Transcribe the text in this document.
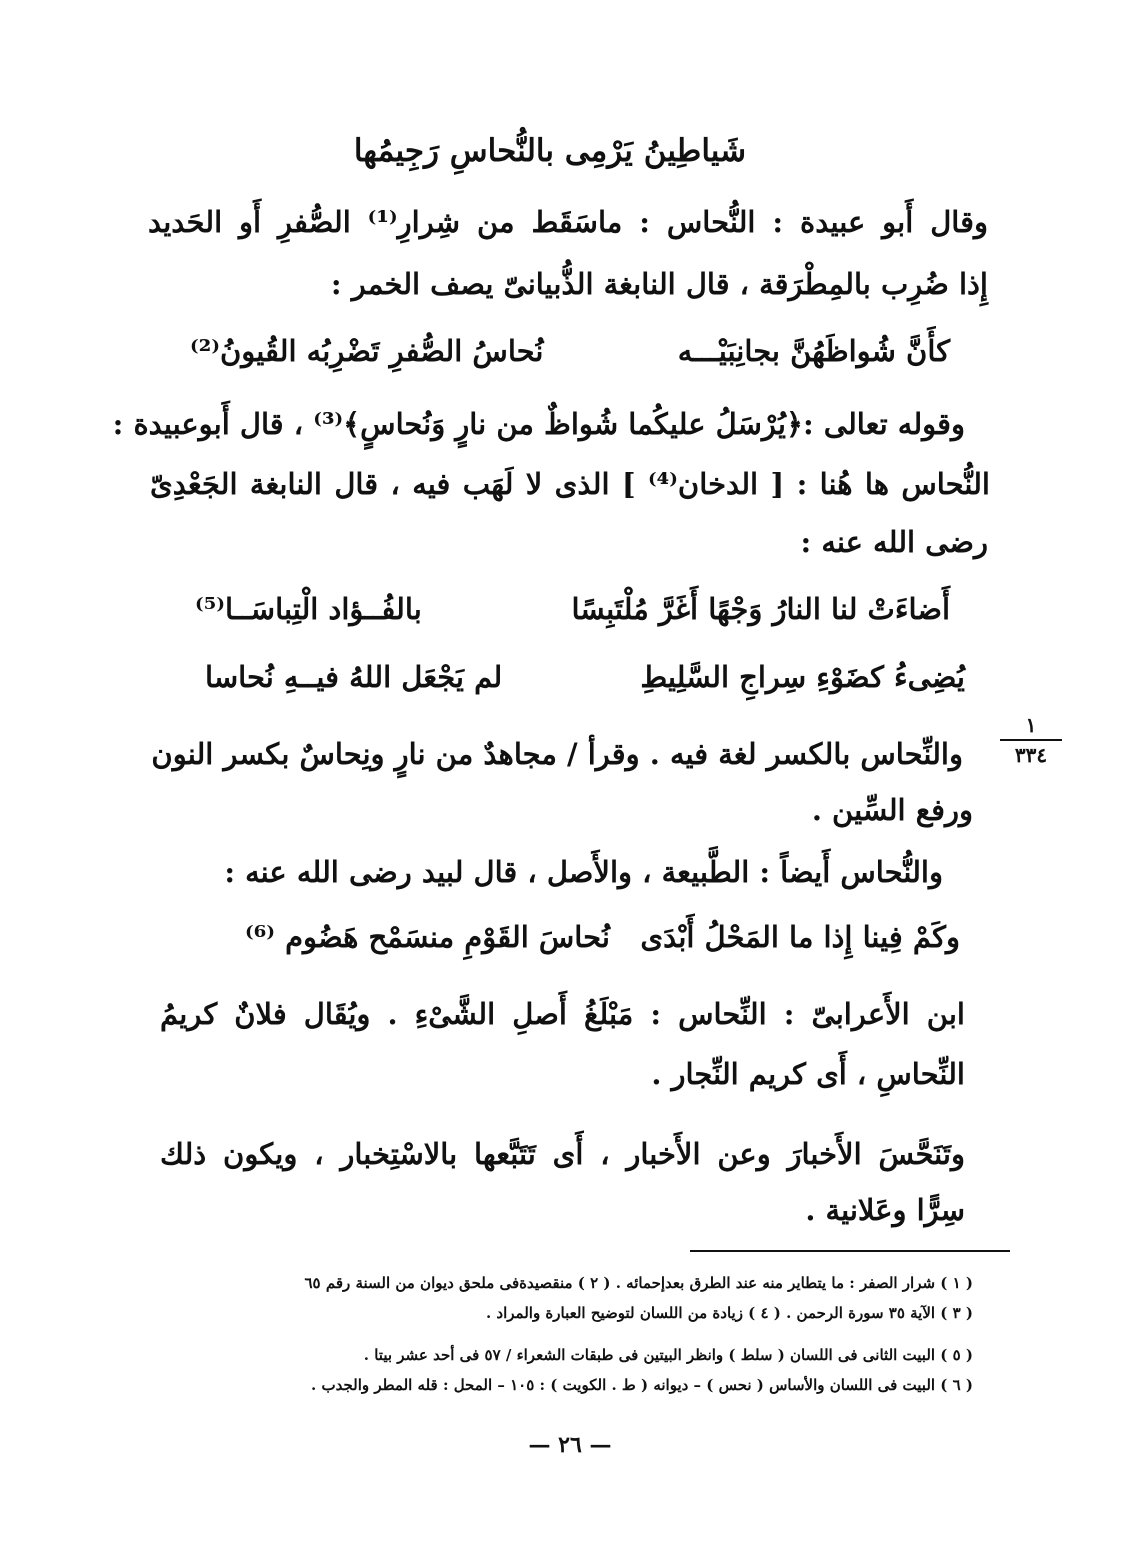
شَياطِينُ يَرْمِى بالنُّحاسِ رَجِيمُها
وقال أَبو عبيدة : النُّحاس : ماسَقَط من شِرارِ⁽¹⁾ الصُّفرِ أَو الحَديد
إِذا ضُرِب بالمِطْرَقة ، قال النابغة الذُّبيانىّ يصف الخمر :
كأَنَّ شُواظَهُنَّ بجانِبَيْـــه
نُحاسُ الصُّفرِ تَضْرِبُه القُيونُ⁽²⁾
وقوله تعالى :﴿يُرْسَلُ عليكُما شُواظٌ من نارٍ وَنُحاسٍ﴾⁽³⁾ ، قال أَبوعبيدة :
النُّحاس ها هُنا : [ الدخان⁽⁴⁾ ] الذى لا لَهَب فيه ، قال النابغة الجَعْدِىّ
رضى الله عنه :
أَضاءَتْ لنا النارُ وَجْهًا أَغَرَّ مُلْتَبِسًا
بالفُــؤاد الْتِباسَــا⁽⁵⁾
يُضِىءُ كضَوْءِ سِراجِ السَّلِيطِ
لم يَجْعَل اللهُ فيــهِ نُحاسا
والنِّحاس بالكسر لغة فيه . وقرأ / مجاهدٌ من نارٍ ونِحاسٌ بكسر النون
ورفع السِّين .
والنُّحاس أَيضاً : الطَّبيعة ، والأَصل ، قال لبيد رضى الله عنه :
وكَمْ فِينا إِذا ما المَحْلُ أَبْدَى
نُحاسَ القَوْمِ منسَمْح هَضُوم ⁽⁶⁾
ابن الأَعرابىّ : النِّحاس : مَبْلَغُ أَصلِ الشَّىْءِ . ويُقَال فلانٌ كريمُ
النِّحاسِ ، أَى كريم النِّجار .
وتَنَحَّسَ الأَخبارَ وعن الأَخبار ، أَى تَتَبَّعها بالاسْتِخبار ، ويكون ذلك
سِرًّا وعَلانية .
١
٣٣٤
( ١ ) شرار الصفر : ما يتطاير منه عند الطرق بعدإحمائه . ( ٢ ) منقصيدةفى ملحق ديوان من السنة رقم ٦٥
( ٣ ) الآية ٣٥ سورة الرحمن . ( ٤ ) زيادة من اللسان لتوضيح العبارة والمراد .
( ٥ ) البيت الثانى فى اللسان ( سلط ) وانظر البيتين فى طبقات الشعراء / ٥٧ فى أحد عشر بيتا .
( ٦ ) البيت فى اللسان والأساس ( نحس ) – ديوانه ( ط . الكويت ) : ١٠٥ – المحل : قله المطر والجدب .
— ٢٦ —
